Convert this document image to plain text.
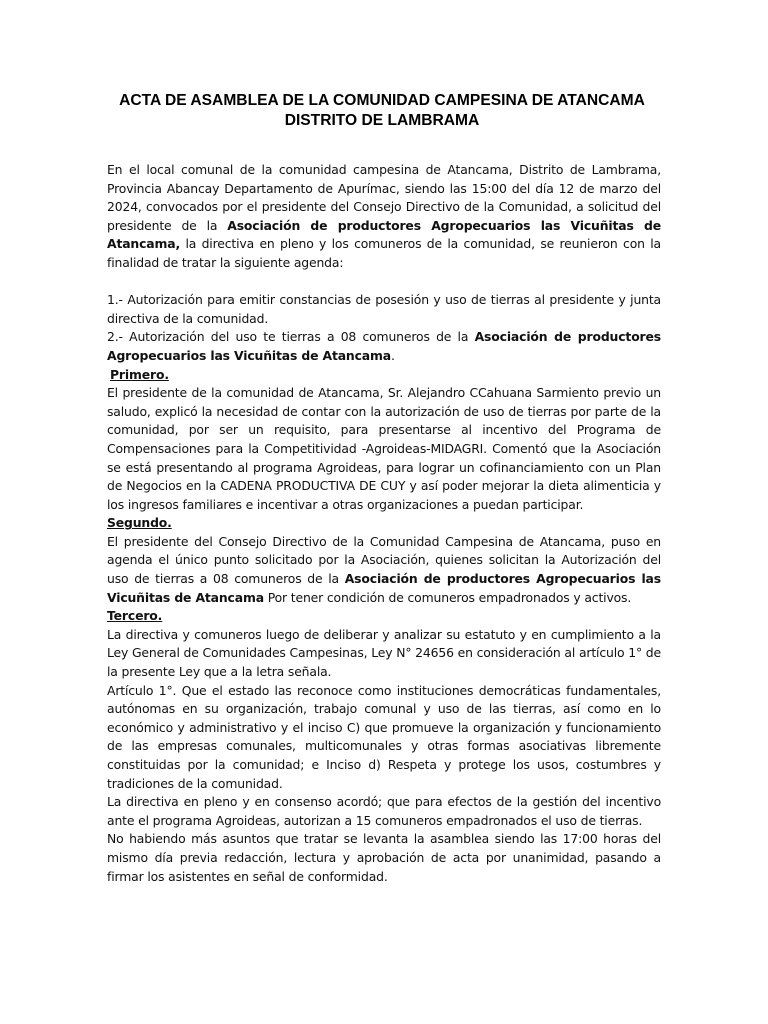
ACTA DE ASAMBLEA DE LA COMUNIDAD CAMPESINA DE ATANCAMA
DISTRITO DE LAMBRAMA

En el local comunal de la comunidad campesina de Atancama, Distrito de Lambrama, Provincia Abancay Departamento de Apurímac, siendo las 15:00 del día 12 de marzo del 2024, convocados por el presidente del Consejo Directivo de la Comunidad, a solicitud del presidente de la Asociación de productores Agropecuarios las Vicuñitas de Atancama, la directiva en pleno y los comuneros de la comunidad, se reunieron con la finalidad de tratar la siguiente agenda:

1.- Autorización para emitir constancias de posesión y uso de tierras al presidente y junta directiva de la comunidad.

2.- Autorización del uso te tierras a 08 comuneros de la Asociación de productores Agropecuarios las Vicuñitas de Atancama.

Primero.

El presidente de la comunidad de Atancama, Sr. Alejandro CCahuana Sarmiento previo un saludo, explicó la necesidad de contar con la autorización de uso de tierras por parte de la comunidad, por ser un requisito, para presentarse al incentivo del Programa de Compensaciones para la Competitividad -Agroideas-MIDAGRI. Comentó que la Asociación se está presentando al programa Agroideas, para lograr un cofinanciamiento con un Plan de Negocios en la CADENA PRODUCTIVA DE CUY y así poder mejorar la dieta alimenticia y los ingresos familiares e incentivar a otras organizaciones a puedan participar.

Segundo.

El presidente del Consejo Directivo de la Comunidad Campesina de Atancama, puso en agenda el único punto solicitado por la Asociación, quienes solicitan la Autorización del uso de tierras a 08 comuneros de la Asociación de productores Agropecuarios las Vicuñitas de Atancama Por tener condición de comuneros empadronados y activos.

Tercero.

La directiva y comuneros luego de deliberar y analizar su estatuto y en cumplimiento a la Ley General de Comunidades Campesinas, Ley N° 24656 en consideración al artículo 1° de la presente Ley que a la letra señala.

Artículo 1°. Que el estado las reconoce como instituciones democráticas fundamentales, autónomas en su organización, trabajo comunal y uso de las tierras, así como en lo económico y administrativo y el inciso C) que promueve la organización y funcionamiento de las empresas comunales, multicomunales y otras formas asociativas libremente constituidas por la comunidad; e Inciso d) Respeta y protege los usos, costumbres y tradiciones de la comunidad.

La directiva en pleno y en consenso acordó; que para efectos de la gestión del incentivo ante el programa Agroideas, autorizan a 15 comuneros empadronados el uso de tierras.

No habiendo más asuntos que tratar se levanta la asamblea siendo las 17:00 horas del mismo día previa redacción, lectura y aprobación de acta por unanimidad, pasando a firmar los asistentes en señal de conformidad.
